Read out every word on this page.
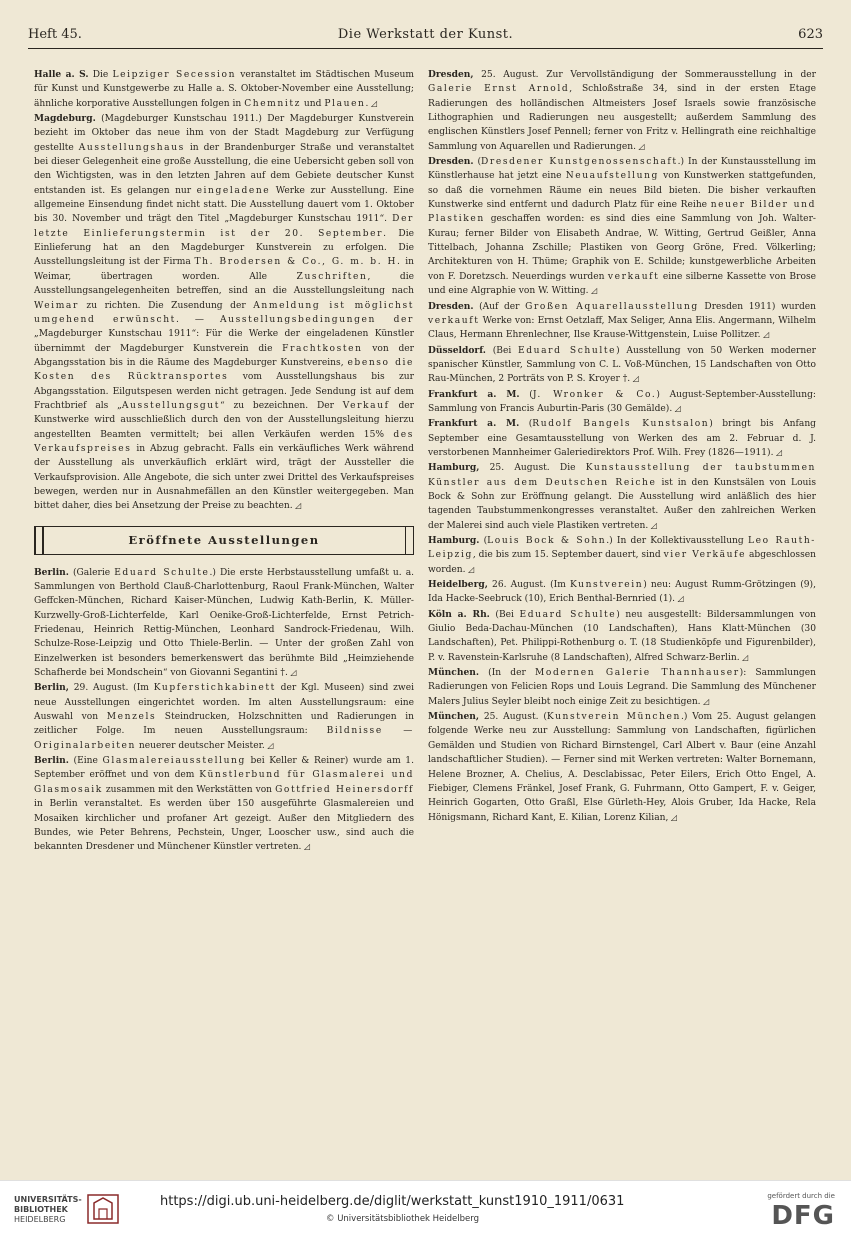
Heft 45.	Die Werkstatt der Kunst.	623

Halle a. S. Die Leipziger Secession veranstaltet im Städtischen Museum für Kunst und Kunstgewerbe zu Halle a. S. Oktober-November eine Ausstellung; ähnliche korporative Ausstellungen folgen in Chemnitz und Plauen. ◿

Magdeburg. (Magdeburger Kunstschau 1911.) Der Magdeburger Kunstverein bezieht im Oktober das neue ihm von der Stadt Magdeburg zur Verfügung gestellte Ausstellungshaus in der Brandenburger Straße und veranstaltet bei dieser Gelegenheit eine große Ausstellung, die eine Uebersicht geben soll von den Wichtigsten, was in den letzten Jahren auf dem Gebiete deutscher Kunst entstanden ist. Es gelangen nur eingeladene Werke zur Ausstellung. Eine allgemeine Einsendung findet nicht statt. Die Ausstellung dauert vom 1. Oktober bis 30. November und trägt den Titel „Magdeburger Kunstschau 1911“. Der letzte Einlieferungstermin ist der 20. September. Die Einlieferung hat an den Magdeburger Kunstverein zu erfolgen. Die Ausstellungsleitung ist der Firma Th. Brodersen & Co., G. m. b. H. in Weimar, übertragen worden. Alle Zuschriften, die Ausstellungsangelegenheiten betreffen, sind an die Ausstellungsleitung nach Weimar zu richten. Die Zusendung der Anmeldung ist möglichst umgehend erwünscht. — Ausstellungsbedingungen der „Magdeburger Kunstschau 1911“: Für die Werke der eingeladenen Künstler übernimmt der Magdeburger Kunstverein die Frachtkosten von der Abgangsstation bis in die Räume des Magdeburger Kunstvereins, ebenso die Kosten des Rücktransportes vom Ausstellungshaus bis zur Abgangsstation. Eilgutspesen werden nicht getragen. Jede Sendung ist auf dem Frachtbrief als „Ausstellungsgut“ zu bezeichnen. Der Verkauf der Kunstwerke wird ausschließlich durch den von der Ausstellungsleitung hierzu angestellten Beamten vermittelt; bei allen Verkäufen werden 15% des Verkaufspreises in Abzug gebracht. Falls ein verkäufliches Werk während der Ausstellung als unverkäuflich erklärt wird, trägt der Aussteller die Verkaufsprovision. Alle Angebote, die sich unter zwei Drittel des Verkaufspreises bewegen, werden nur in Ausnahmefällen an den Künstler weitergegeben. Man bittet daher, dies bei Ansetzung der Preise zu beachten. ◿

Eröffnete Ausstellungen

Berlin. (Galerie Eduard Schulte.) Die erste Herbstausstellung umfaßt u. a. Sammlungen von Berthold Clauß-Charlottenburg, Raoul Frank-München, Walter Geffcken-München, Richard Kaiser-München, Ludwig Kath-Berlin, K. Müller-Kurzwelly-Groß-Lichterfelde, Karl Oenike-Groß-Lichterfelde, Ernst Petrich-Friedenau, Heinrich Rettig-München, Leonhard Sandrock-Friedenau, Wilh. Schulze-Rose-Leipzig und Otto Thiele-Berlin. — Unter der großen Zahl von Einzelwerken ist besonders bemerkenswert das berühmte Bild „Heimziehende Schafherde bei Mondschein“ von Giovanni Segantini †. ◿

Berlin, 29. August. (Im Kupferstichkabinett der Kgl. Museen) sind zwei neue Ausstellungen eingerichtet worden. Im alten Ausstellungsraum: eine Auswahl von Menzels Steindrucken, Holzschnitten und Radierungen in zeitlicher Folge. Im neuen Ausstellungsraum: Bildnisse — Originalarbeiten neuerer deutscher Meister. ◿

Berlin. (Eine Glasmalereiausstellung bei Keller & Reiner) wurde am 1. September eröffnet und von dem Künstlerbund für Glasmalerei und Glasmosaik zusammen mit den Werkstätten von Gottfried Heinersdorff in Berlin veranstaltet. Es werden über 150 ausgeführte Glasmalereien und Mosaiken kirchlicher und profaner Art gezeigt. Außer den Mitgliedern des Bundes, wie Peter Behrens, Pechstein, Unger, Looscher usw., sind auch die bekannten Dresdener und Münchener Künstler vertreten. ◿

Dresden, 25. August. Zur Vervollständigung der Sommerausstellung in der Galerie Ernst Arnold, Schloßstraße 34, sind in der ersten Etage Radierungen des holländischen Altmeisters Josef Israels sowie französische Lithographien und Radierungen neu ausgestellt; außerdem Sammlung des englischen Künstlers Josef Pennell; ferner von Fritz v. Hellingrath eine reichhaltige Sammlung von Aquarellen und Radierungen. ◿

Dresden. (Dresdener Kunstgenossenschaft.) In der Kunstausstellung im Künstlerhause hat jetzt eine Neuaufstellung von Kunstwerken stattgefunden, so daß die vornehmen Räume ein neues Bild bieten. Die bisher verkauften Kunstwerke sind entfernt und dadurch Platz für eine Reihe neuer Bilder und Plastiken geschaffen worden: es sind dies eine Sammlung von Joh. Walter-Kurau; ferner Bilder von Elisabeth Andrae, W. Witting, Gertrud Geißler, Anna Tittelbach, Johanna Zschille; Plastiken von Georg Gröne, Fred. Völkerling; Architekturen von H. Thüme; Graphik von E. Schilde; kunstgewerbliche Arbeiten von F. Doretzsch. Neuerdings wurden verkauft eine silberne Kassette von Brose und eine Algraphie von W. Witting. ◿

Dresden. (Auf der Großen Aquarellausstellung Dresden 1911) wurden verkauft Werke von: Ernst Oetzlaff, Max Seliger, Anna Elis. Angermann, Wilhelm Claus, Hermann Ehrenlechner, Ilse Krause-Wittgenstein, Luise Pollitzer. ◿

Düsseldorf. (Bei Eduard Schulte) Ausstellung von 50 Werken moderner spanischer Künstler, Sammlung von C. L. Voß-München, 15 Landschaften von Otto Rau-München, 2 Porträts von P. S. Kroyer †. ◿

Frankfurt a. M. (J. Wronker & Co.) August-September-Ausstellung: Sammlung von Francis Auburtin-Paris (30 Gemälde). ◿

Frankfurt a. M. (Rudolf Bangels Kunstsalon) bringt bis Anfang September eine Gesamtausstellung von Werken des am 2. Februar d. J. verstorbenen Mannheimer Galeriedirektors Prof. Wilh. Frey (1826—1911). ◿

Hamburg, 25. August. Die Kunstausstellung der taubstummen Künstler aus dem Deutschen Reiche ist in den Kunstsälen von Louis Bock & Sohn zur Eröffnung gelangt. Die Ausstellung wird anläßlich des hier tagenden Taubstummenkongresses veranstaltet. Außer den zahlreichen Werken der Malerei sind auch viele Plastiken vertreten. ◿

Hamburg. (Louis Bock & Sohn.) In der Kollektivausstellung Leo Rauth-Leipzig, die bis zum 15. September dauert, sind vier Verkäufe abgeschlossen worden. ◿

Heidelberg, 26. August. (Im Kunstverein) neu: August Rumm-Grötzingen (9), Ida Hacke-Seebruck (10), Erich Benthal-Bernried (1). ◿

Köln a. Rh. (Bei Eduard Schulte) neu ausgestellt: Bildersammlungen von Giulio Beda-Dachau-München (10 Landschaften), Hans Klatt-München (30 Landschaften), Pet. Philippi-Rothenburg o. T. (18 Studienköpfe und Figurenbilder), P. v. Ravenstein-Karlsruhe (8 Landschaften), Alfred Schwarz-Berlin. ◿

München. (In der Modernen Galerie Thannhauser): Sammlungen Radierungen von Felicien Rops und Louis Legrand. Die Sammlung des Münchener Malers Julius Seyler bleibt noch einige Zeit zu besichtigen. ◿

München, 25. August. (Kunstverein München.) Vom 25. August gelangen folgende Werke neu zur Ausstellung: Sammlung von Landschaften, figürlichen Gemälden und Studien von Richard Birnstengel, Carl Albert v. Baur (eine Anzahl landschaftlicher Studien). — Ferner sind mit Werken vertreten: Walter Bornemann, Helene Brozner, A. Chelius, A. Desclabissac, Peter Eilers, Erich Otto Engel, A. Fiebiger, Clemens Fränkel, Josef Frank, G. Fuhrmann, Otto Gampert, F. v. Geiger, Heinrich Gogarten, Otto Graßl, Else Gürleth-Hey, Alois Gruber, Ida Hacke, Rela Hönigsmann, Richard Kant, E. Kilian, Lorenz Kilian, ◿

UNIVERSITÄTS-
BIBLIOTHEK
HEIDELBERG
https://digi.ub.uni-heidelberg.de/diglit/werkstatt_kunst1910_1911/0631
© Universitätsbibliothek Heidelberg
gefördert durch die
DFG
